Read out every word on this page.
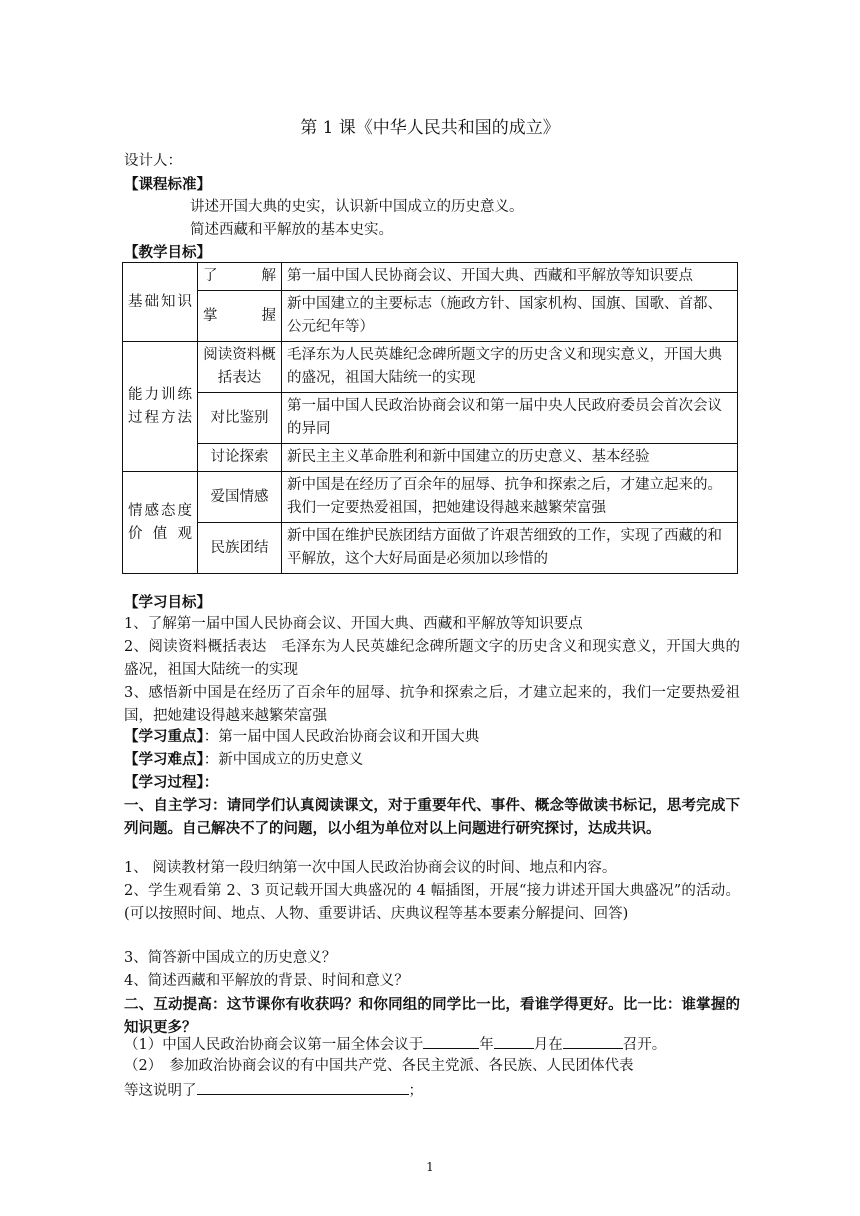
第 1 课《中华人民共和国的成立》
设计人：
【课程标准】
讲述开国大典的史实，认识新中国成立的历史意义。
简述西藏和平解放的基本史实。
【教学目标】
基础知识	了　解	第一届中国人民协商会议、开国大典、西藏和平解放等知识要点
	掌　握	新中国建立的主要标志（施政方针、国家机构、国旗、国歌、首都、公元纪年等）
能力训练过程方法	阅读资料概括表达	毛泽东为人民英雄纪念碑所题文字的历史含义和现实意义，开国大典的盛况，祖国大陆统一的实现
	对比鉴别	第一届中国人民政治协商会议和第一届中央人民政府委员会首次会议的异同
	讨论探索	新民主主义革命胜利和新中国建立的历史意义、基本经验
情感态度价值观	爱国情感	新中国是在经历了百余年的屈辱、抗争和探索之后，才建立起来的。我们一定要热爱祖国，把她建设得越来越繁荣富强
	民族团结	新中国在维护民族团结方面做了许艰苦细致的工作，实现了西藏的和平解放，这个大好局面是必须加以珍惜的
【学习目标】
1、了解第一届中国人民协商会议、开国大典、西藏和平解放等知识要点
2、阅读资料概括表达　毛泽东为人民英雄纪念碑所题文字的历史含义和现实意义，开国大典的盛况，祖国大陆统一的实现
3、感悟新中国是在经历了百余年的屈辱、抗争和探索之后，才建立起来的，我们一定要热爱祖国，把她建设得越来越繁荣富强
【学习重点】：第一届中国人民政治协商会议和开国大典
【学习难点】：新中国成立的历史意义
【学习过程】：
一、自主学习：请同学们认真阅读课文，对于重要年代、事件、概念等做读书标记，思考完成下列问题。自己解决不了的问题，以小组为单位对以上问题进行研究探讨，达成共识。
1、 阅读教材第一段归纳第一次中国人民政治协商会议的时间、地点和内容。
2、学生观看第 2、3 页记载开国大典盛况的 4 幅插图，开展“接力讲述开国大典盛况”的活动。(可以按照时间、地点、人物、重要讲话、庆典议程等基本要素分解提问、回答)
3、简答新中国成立的历史意义？
4、简述西藏和平解放的背景、时间和意义？
二、互动提高：这节课你有收获吗？和你同组的同学比一比，看谁学得更好。比一比：谁掌握的知识更多？
（1）中国人民政治协商会议第一届全体会议于	年	月在	召开。
（2）　参加政治协商会议的有中国共产党、各民主党派、各民族、人民团体代表
等这说明了	；
1
